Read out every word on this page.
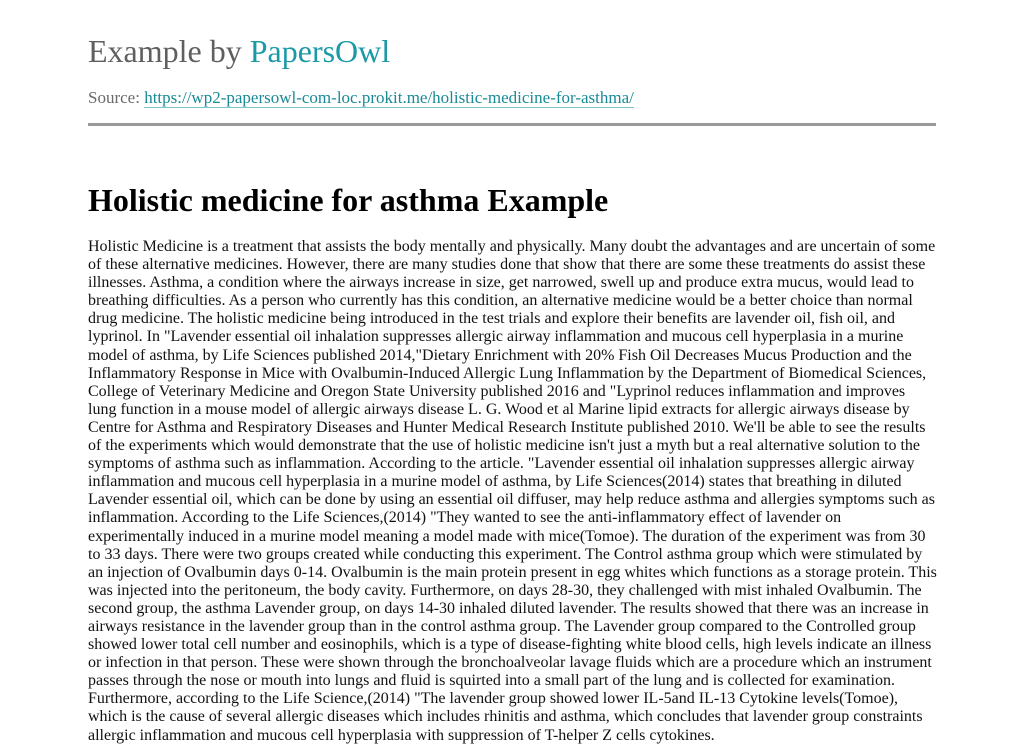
Example by PapersOwl
Source: https://wp2-papersowl-com-loc.prokit.me/holistic-medicine-for-asthma/
Holistic medicine for asthma Example
Holistic Medicine is a treatment that assists the body mentally and physically. Many doubt the advantages and are uncertain of some
of these alternative medicines. However, there are many studies done that show that there are some these treatments do assist these
illnesses. Asthma, a condition where the airways increase in size, get narrowed, swell up and produce extra mucus, would lead to
breathing difficulties. As a person who currently has this condition, an alternative medicine would be a better choice than normal
drug medicine. The holistic medicine being introduced in the test trials and explore their benefits are lavender oil, fish oil, and
lyprinol. In "Lavender essential oil inhalation suppresses allergic airway inflammation and mucous cell hyperplasia in a murine
model of asthma, by Life Sciences published 2014,"Dietary Enrichment with 20% Fish Oil Decreases Mucus Production and the
Inflammatory Response in Mice with Ovalbumin-Induced Allergic Lung Inflammation by the Department of Biomedical Sciences,
College of Veterinary Medicine and Oregon State University published 2016 and "Lyprinol reduces inflammation and improves
lung function in a mouse model of allergic airways disease L. G. Wood et al Marine lipid extracts for allergic airways disease by
Centre for Asthma and Respiratory Diseases and Hunter Medical Research Institute published 2010. We'll be able to see the results
of the experiments which would demonstrate that the use of holistic medicine isn't just a myth but a real alternative solution to the
symptoms of asthma such as inflammation. According to the article. "Lavender essential oil inhalation suppresses allergic airway
inflammation and mucous cell hyperplasia in a murine model of asthma, by Life Sciences(2014) states that breathing in diluted
Lavender essential oil, which can be done by using an essential oil diffuser, may help reduce asthma and allergies symptoms such as
inflammation. According to the Life Sciences,(2014) "They wanted to see the anti-inflammatory effect of lavender on
experimentally induced in a murine model meaning a model made with mice(Tomoe). The duration of the experiment was from 30
to 33 days. There were two groups created while conducting this experiment. The Control asthma group which were stimulated by
an injection of Ovalbumin days 0-14. Ovalbumin is the main protein present in egg whites which functions as a storage protein. This
was injected into the peritoneum, the body cavity. Furthermore, on days 28-30, they challenged with mist inhaled Ovalbumin. The
second group, the asthma Lavender group, on days 14-30 inhaled diluted lavender. The results showed that there was an increase in
airways resistance in the lavender group than in the control asthma group. The Lavender group compared to the Controlled group
showed lower total cell number and eosinophils, which is a type of disease-fighting white blood cells, high levels indicate an illness
or infection in that person. These were shown through the bronchoalveolar lavage fluids which are a procedure which an instrument
passes through the nose or mouth into lungs and fluid is squirted into a small part of the lung and is collected for examination.
Furthermore, according to the Life Science,(2014) "The lavender group showed lower IL-5and IL-13 Cytokine levels(Tomoe),
which is the cause of several allergic diseases which includes rhinitis and asthma, which concludes that lavender group constraints
allergic inflammation and mucous cell hyperplasia with suppression of T-helper Z cells cytokines.
